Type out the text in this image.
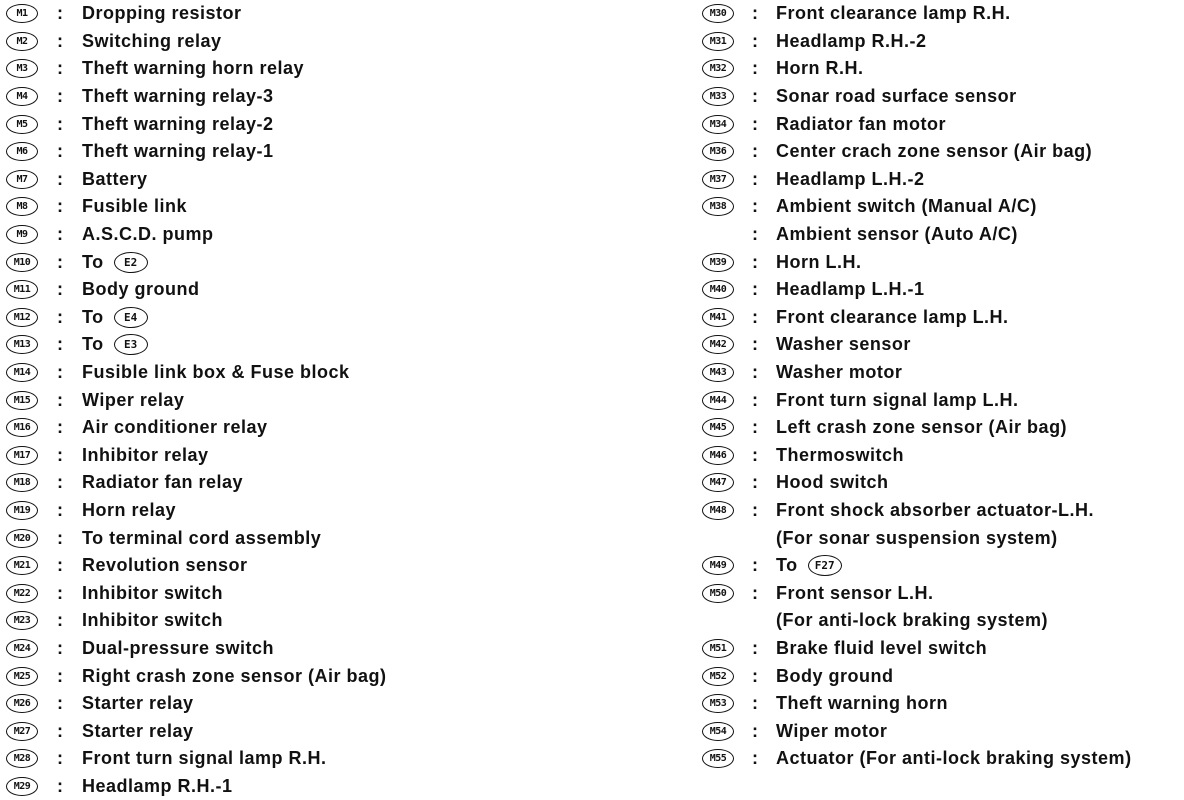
M1	:	Dropping resistor
M2	:	Switching relay
M3	:	Theft warning horn relay
M4	:	Theft warning relay-3
M5	:	Theft warning relay-2
M6	:	Theft warning relay-1
M7	:	Battery
M8	:	Fusible link
M9	:	A.S.C.D. pump
M10	:	To	E2
M11	:	Body ground
M12	:	To	E4
M13	:	To	E3
M14	:	Fusible link box & Fuse block
M15	:	Wiper relay
M16	:	Air conditioner relay
M17	:	Inhibitor relay
M18	:	Radiator fan relay
M19	:	Horn relay
M20	:	To terminal cord assembly
M21	:	Revolution sensor
M22	:	Inhibitor switch
M23	:	Inhibitor switch
M24	:	Dual-pressure switch
M25	:	Right crash zone sensor (Air bag)
M26	:	Starter relay
M27	:	Starter relay
M28	:	Front turn signal lamp R.H.
M29	:	Headlamp R.H.-1
M30	:	Front clearance lamp R.H.
M31	:	Headlamp R.H.-2
M32	:	Horn R.H.
M33	:	Sonar road surface sensor
M34	:	Radiator fan motor
M36	:	Center crach zone sensor (Air bag)
M37	:	Headlamp L.H.-2
M38	:	Ambient switch (Manual A/C)
:	Ambient sensor (Auto A/C)
M39	:	Horn L.H.
M40	:	Headlamp L.H.-1
M41	:	Front clearance lamp L.H.
M42	:	Washer sensor
M43	:	Washer motor
M44	:	Front turn signal lamp L.H.
M45	:	Left crash zone sensor (Air bag)
M46	:	Thermoswitch
M47	:	Hood switch
M48	:	Front shock absorber actuator-L.H.
(For sonar suspension system)
M49	:	To	F27
M50	:	Front sensor L.H.
(For anti-lock braking system)
M51	:	Brake fluid level switch
M52	:	Body ground
M53	:	Theft warning horn
M54	:	Wiper motor
M55	:	Actuator (For anti-lock braking system)
